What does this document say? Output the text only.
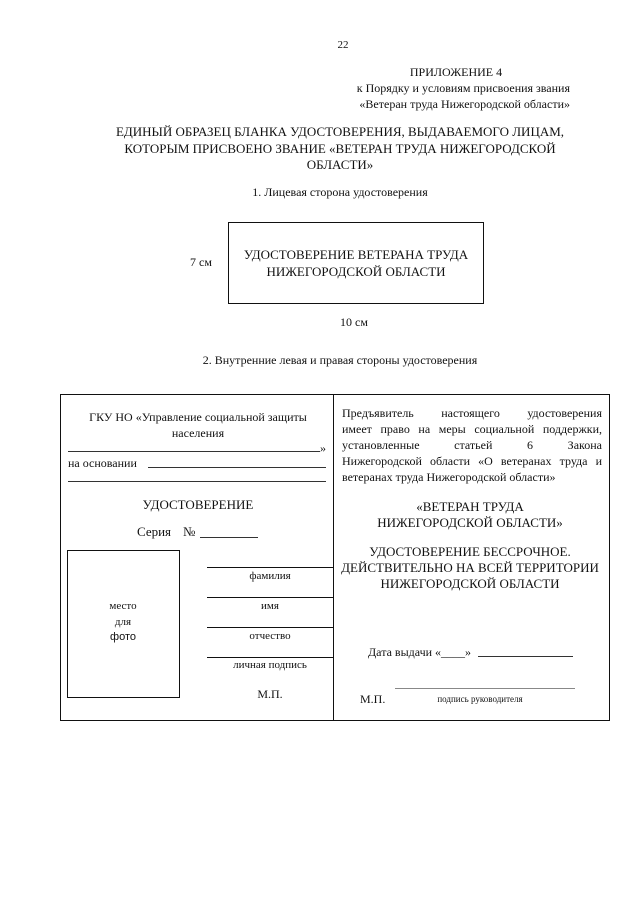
22
ПРИЛОЖЕНИЕ 4
к Порядку и условиям присвоения звания
«Ветеран труда Нижегородской области»
ЕДИНЫЙ ОБРАЗЕЦ БЛАНКА УДОСТОВЕРЕНИЯ, ВЫДАВАЕМОГО ЛИЦАМ,
КОТОРЫМ ПРИСВОЕНО ЗВАНИЕ «ВЕТЕРАН ТРУДА НИЖЕГОРОДСКОЙ
ОБЛАСТИ»
1. Лицевая сторона удостоверения
УДОСТОВЕРЕНИЕ ВЕТЕРАНА ТРУДА
НИЖЕГОРОДСКОЙ ОБЛАСТИ
7 см
10 см
2. Внутренние левая и правая стороны удостоверения
ГКУ НО «Управление социальной защиты
населения
»
на основании
УДОСТОВЕРЕНИЕ
Серия №
место
для
фото
фамилия
имя
отчество
личная подпись
М.П.
Предъявитель настоящего удостоверения
имеет право на меры социальной поддержки,
установленные статьей 6 Закона
Нижегородской области «О ветеранах труда и
ветеранах труда Нижегородской области»
«ВЕТЕРАН ТРУДА
НИЖЕГОРОДСКОЙ ОБЛАСТИ»
УДОСТОВЕРЕНИЕ БЕССРОЧНОЕ.
ДЕЙСТВИТЕЛЬНО НА ВСЕЙ ТЕРРИТОРИИ
НИЖЕГОРОДСКОЙ ОБЛАСТИ
Дата выдачи «____»
М.П.	подпись руководителя
